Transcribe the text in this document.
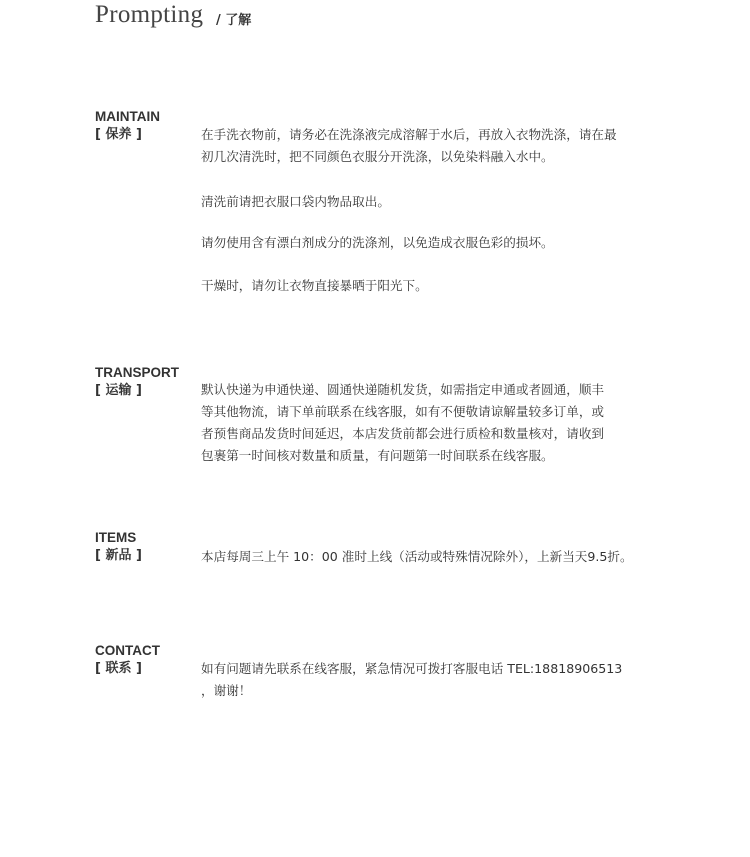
Prompting / 了解
MAINTAIN
[ 保养 ]	在手洗衣物前，请务必在洗涤液完成溶解于水后，再放入衣物洗涤，请在最
初几次清洗时，把不同颜色衣服分开洗涤，以免染料融入水中。
清洗前请把衣服口袋内物品取出。
请勿使用含有漂白剂成分的洗涤剂，以免造成衣服色彩的损坏。
干燥时，请勿让衣物直接暴晒于阳光下。
TRANSPORT
[ 运输 ]	默认快递为申通快递、圆通快递随机发货，如需指定申通或者圆通，顺丰
等其他物流，请下单前联系在线客服，如有不便敬请谅解量较多订单，或
者预售商品发货时间延迟，本店发货前都会进行质检和数量核对，请收到
包裹第一时间核对数量和质量，有问题第一时间联系在线客服。
ITEMS
[ 新品 ]	本店每周三上午 10：00 准时上线（活动或特殊情况除外），上新当天9.5折。
CONTACT
[ 联系 ]	如有问题请先联系在线客服，紧急情况可拨打客服电话 TEL:18818906513
，谢谢！
